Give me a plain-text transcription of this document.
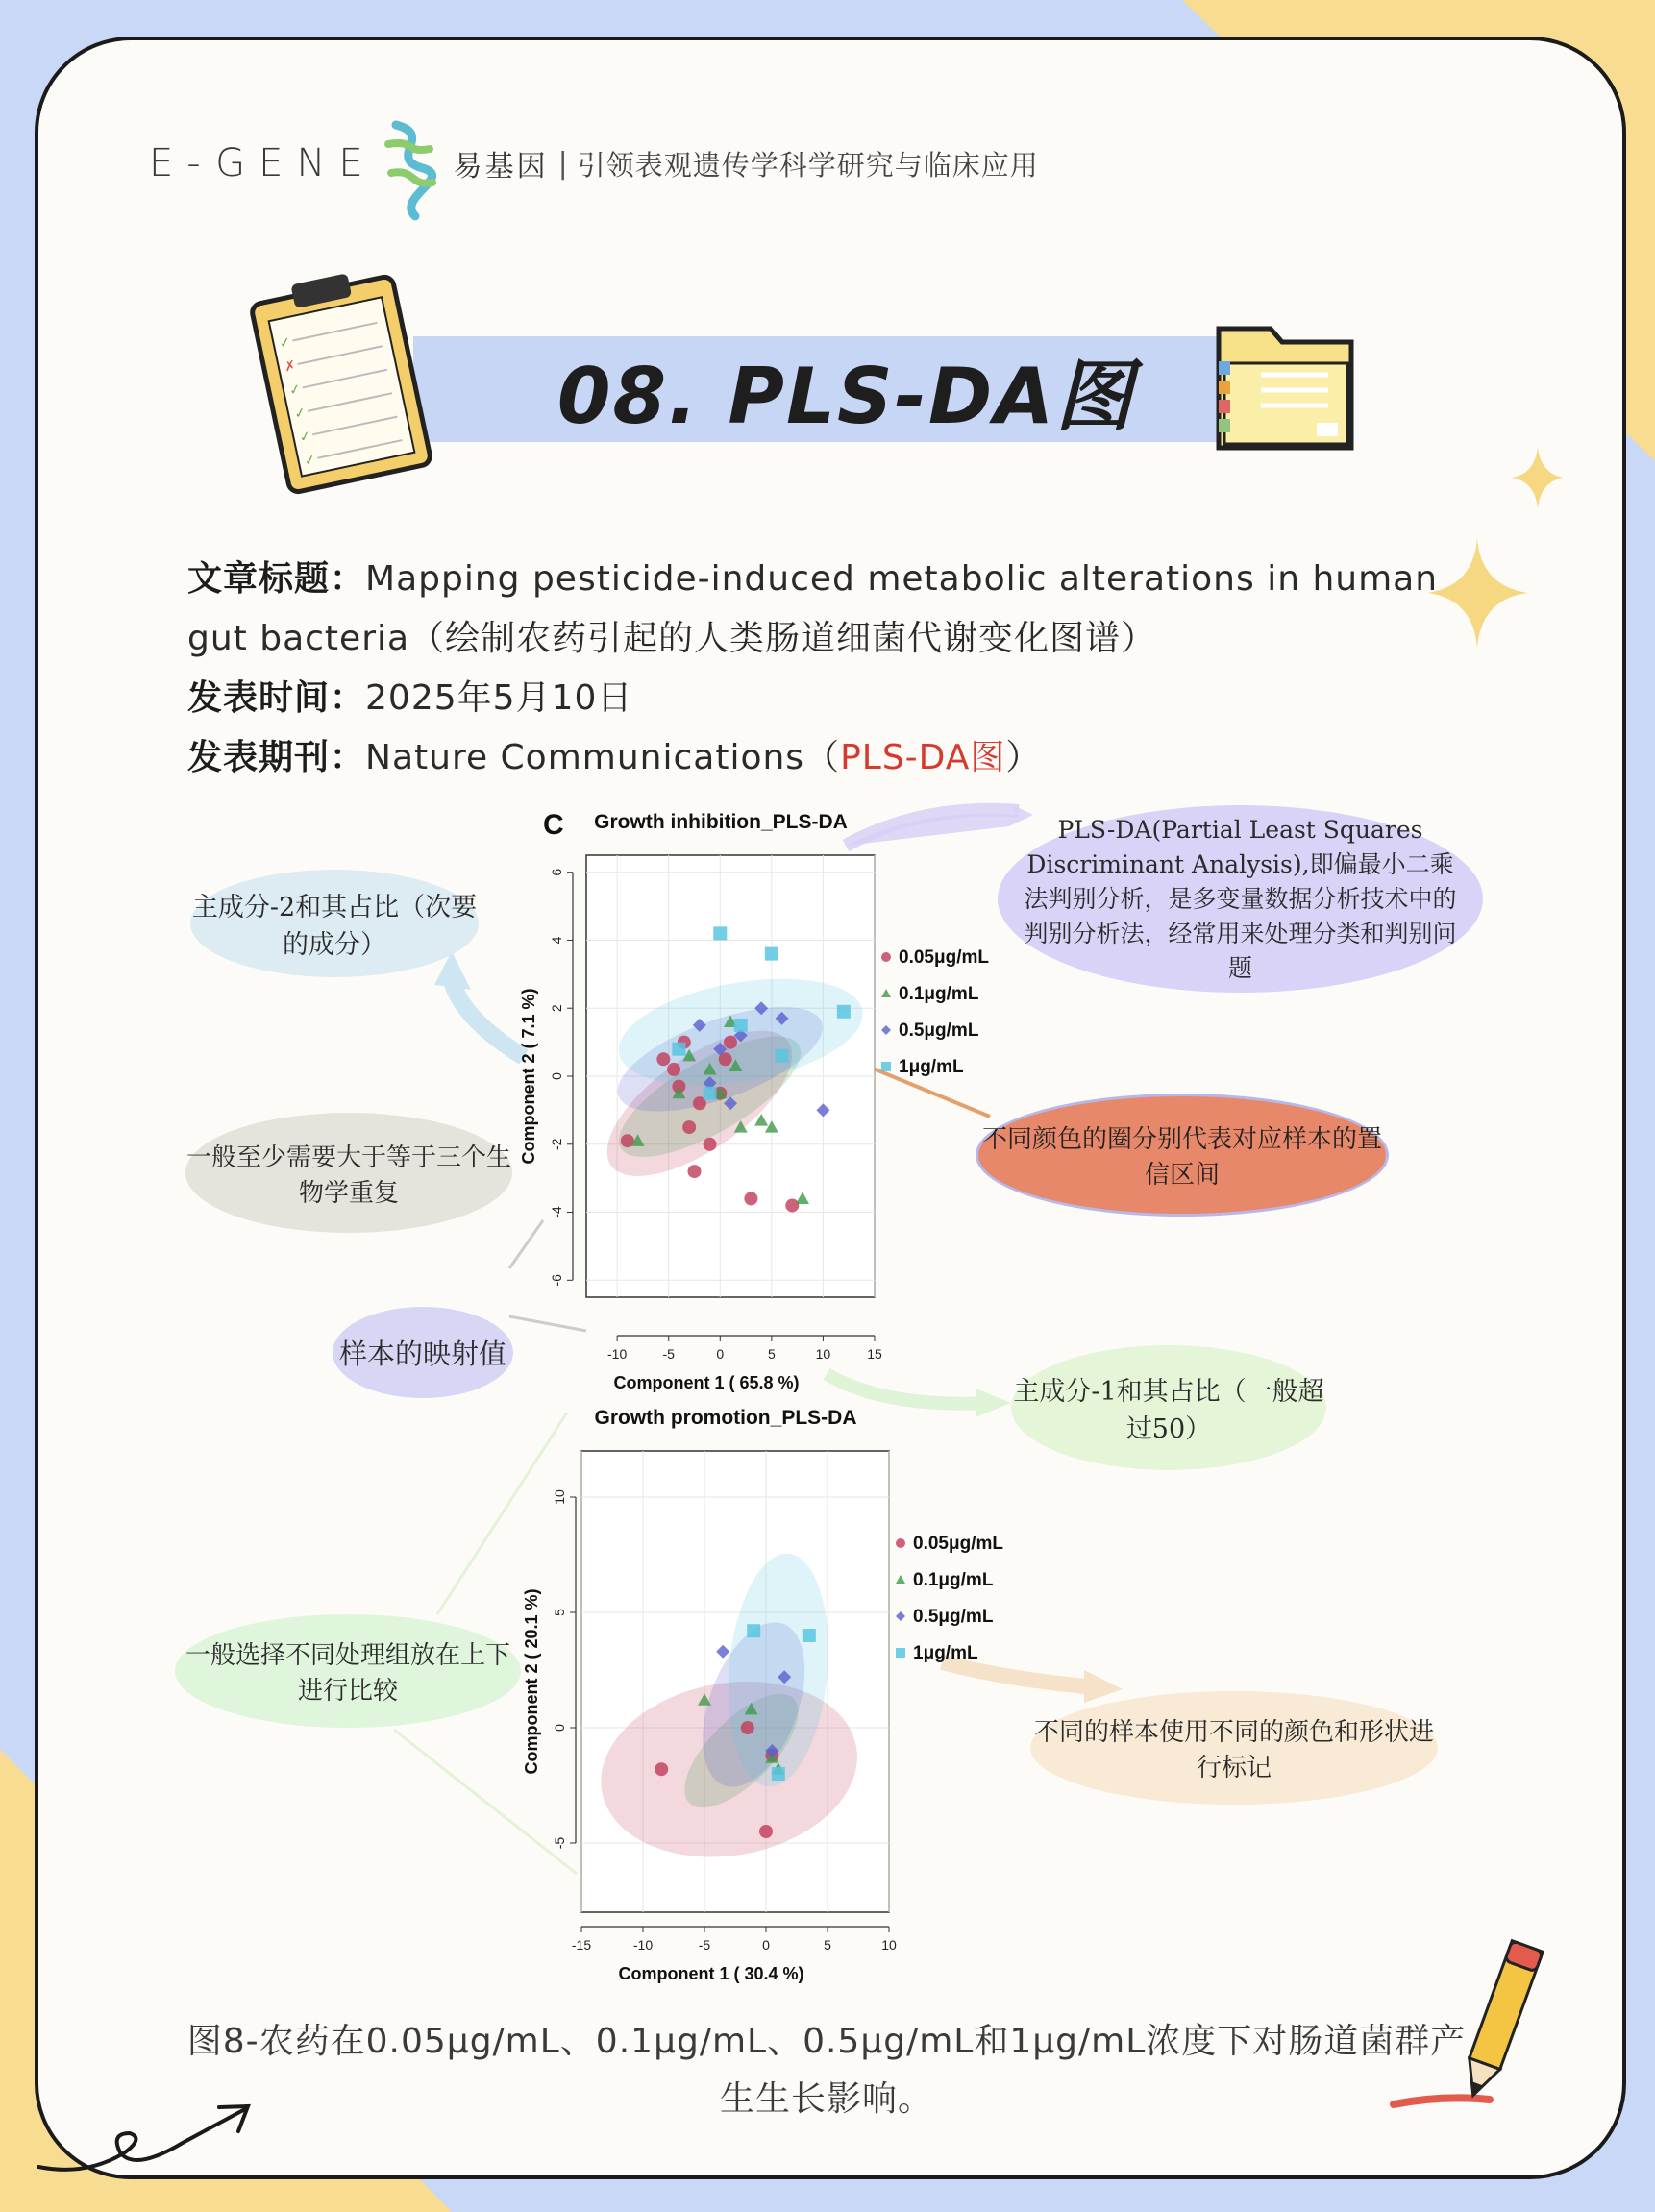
E-GENE	易基因 | 引领表观遗传学科学研究与临床应用
✓
✓
✓
✓
✓
✗	08. PLS-DA图
文章标题：Mapping pesticide-induced metabolic alterations in human gut bacteria（绘制农药引起的人类肠道细菌代谢变化图谱）
发表时间：2025年5月10日
发表期刊：Nature Communications（PLS-DA图）
Growth inhibition_PLS-DA
C
-10	-5	0	5	10	15
-6
-4
-2
0
2
4
6
Component 1 ( 65.8 %)
Component 2 ( 7.1 %)
0.05μg/mL
0.1μg/mL
0.5μg/mL
1μg/mL
Growth promotion_PLS-DA
-15	-10	-5	0	5	10
-5
0
5
10
Component 1 ( 30.4 %)
Component 2 ( 20.1 %)
0.05μg/mL
0.1μg/mL
0.5μg/mL
1μg/mL
主成分-2和其占比（次要的成分）
PLS-DA(Partial Least Squares Discriminant Analysis),即偏最小二乘法判别分析，是多变量数据分析技术中的判别分析法，经常用来处理分类和判别问题
一般至少需要大于等于三个生物学重复
不同颜色的圈分别代表对应样本的置信区间
样本的映射值
主成分-1和其占比（一般超过50）
一般选择不同处理组放在上下进行比较
不同的样本使用不同的颜色和形状进行标记
图8-农药在0.05μg/mL、0.1μg/mL、0.5μg/mL和1μg/mL浓度下对肠道菌群产生生长影响。
